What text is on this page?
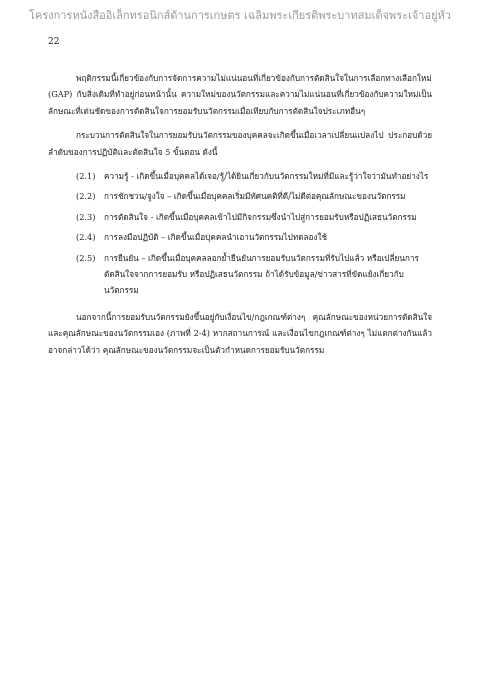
โครงการหนังสืออิเล็กทรอนิกส์ด้านการเกษตร เฉลิมพระเกียรติพระบาทสมเด็จพระเจ้าอยู่หัว
22

พฤติกรรมนี้เกี่ยวข้องกับการจัดการความไม่แน่นอนที่เกี่ยวข้องกับการตัดสินใจในการเลือกทางเลือกใหม่ (GAP) กับสิ่งเดิมที่ทำอยู่ก่อนหน้านั้น ความใหม่ของนวัตกรรมและความไม่แน่นอนที่เกี่ยวข้องกับความใหม่เป็นลักษณะที่เด่นชัดของการตัดสินใจการยอมรับนวัตกรรมเมื่อเทียบกับการตัดสินใจประเภทอื่นๆ

กระบวนการตัดสินใจในการยอมรับนวัตกรรมของบุคคลจะเกิดขึ้นเมื่อเวลาเปลี่ยนแปลงไป ประกอบด้วยลำดับของการปฏิบัติและตัดสินใจ 5 ขั้นตอน ดังนี้

(2.1)	ความรู้ - เกิดขึ้นเมื่อบุคคลได้เจอ/รู้/ได้ยินเกี่ยวกับนวัตกรรมใหม่ที่มีและรู้ว่าใจว่ามันทำอย่างไร
(2.2)	การชักชวน/จูงใจ – เกิดขึ้นเมื่อบุคคลเริ่มมีทัศนคติที่ดี/ไม่ดีต่อคุณลักษณะของนวัตกรรม
(2.3)	การตัดสินใจ - เกิดขึ้นเมื่อบุคคลเข้าไปมีกิจกรรมซึ่งนำไปสู่การยอมรับหรือปฏิเสธนวัตกรรม
(2.4)	การลงมือปฏิบัติ – เกิดขึ้นเมื่อบุคคลนำเอานวัตกรรมไปทดลองใช้
(2.5)	การยืนยัน – เกิดขึ้นเมื่อบุคคลลอกย้ำยืนยันการยอมรับนวัตกรรมที่รับไปแล้ว หรือเปลี่ยนการตัดสินใจจากการยอมรับ หรือปฏิเสธนวัตกรรม ถ้าได้รับข้อมูล/ข่าวสารที่ขัดแย้งเกี่ยวกับนวัตกรรม

นอกจากนี้การยอมรับนวัตกรรมยังขึ้นอยู่กับเงื่อนไข/กฎเกณฑ์ต่างๆ คุณลักษณะของหน่วยการตัดสินใจและคุณลักษณะของนวัตกรรมเอง (ภาพที่ 2-4) หากสถานการณ์ และเงื่อนไขกฎเกณฑ์ต่างๆ ไม่แตกต่างกันแล้ว อาจกล่าวได้ว่า คุณลักษณะของนวัตกรรมจะเป็นตัวกำหนดการยอมรับนวัตกรรม
